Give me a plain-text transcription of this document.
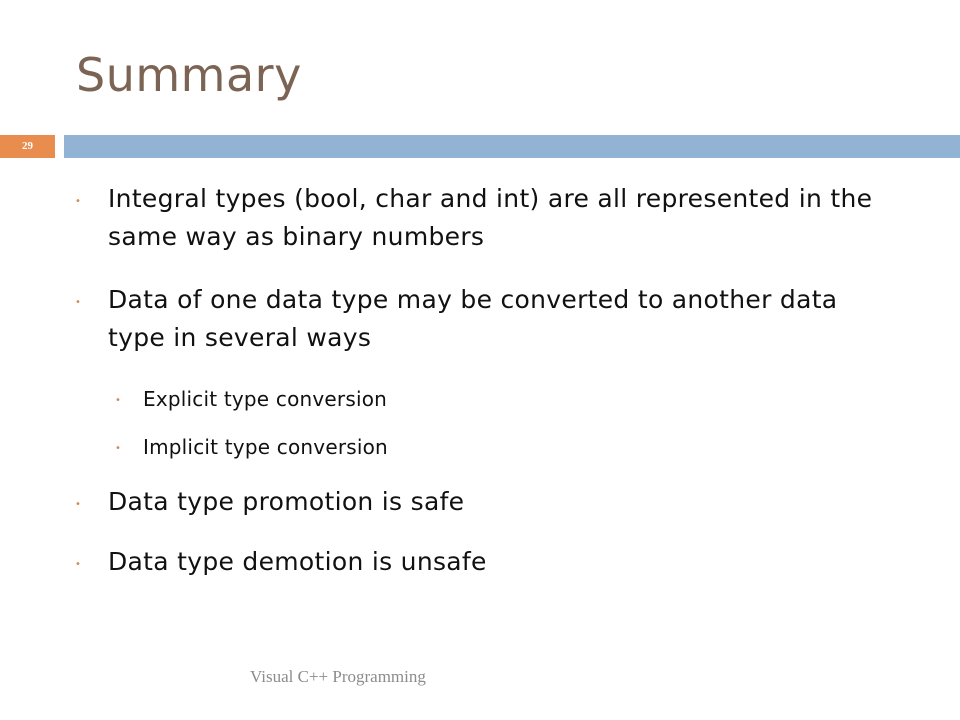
Summary
29
• Integral types (bool, char and int) are all represented in the same way as binary numbers
• Data of one data type may be converted to another data type in several ways
• Explicit type conversion
• Implicit type conversion
• Data type promotion is safe
• Data type demotion is unsafe
Visual C++ Programming
